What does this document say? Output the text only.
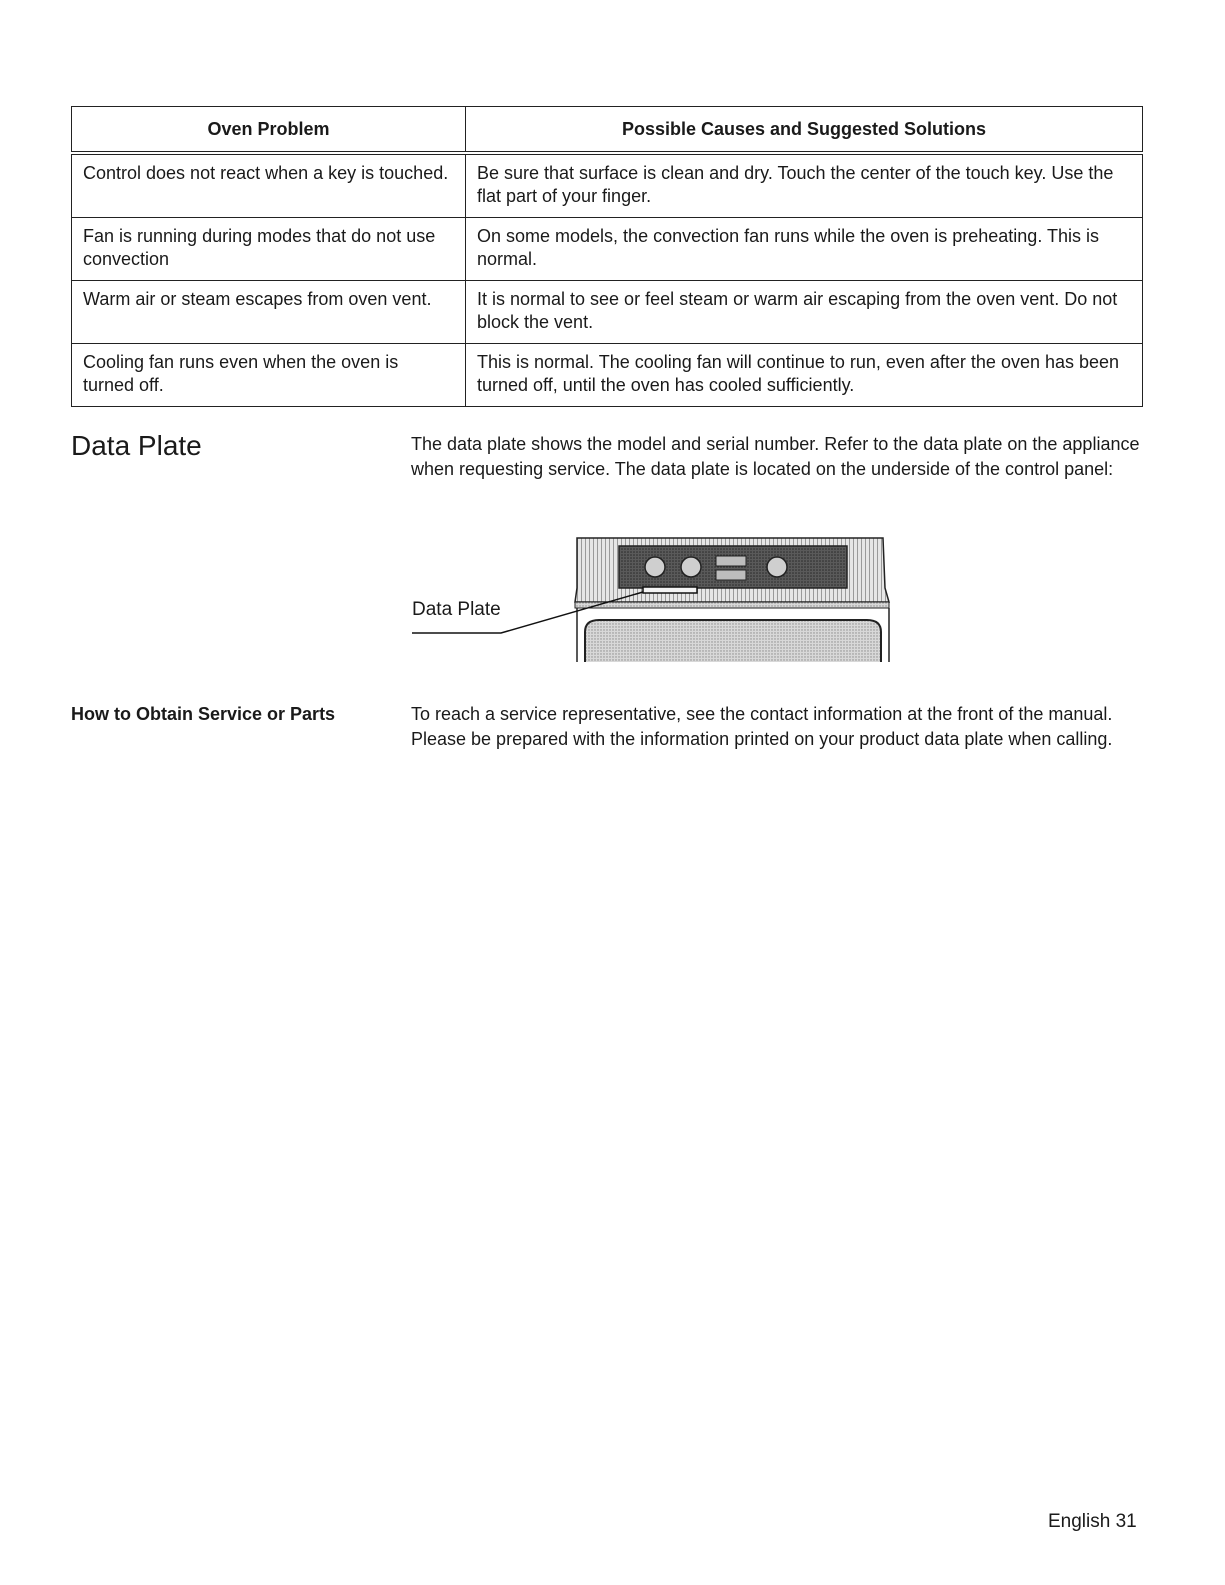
Oven Problem	Possible Causes and Suggested Solutions
Control does not react when a key is touched.	Be sure that surface is clean and dry. Touch the center of the touch key. Use the flat part of your finger.
Fan is running during modes that do not use convection	On some models, the convection fan runs while the oven is preheating. This is normal.
Warm air or steam escapes from oven vent.	It is normal to see or feel steam or warm air escaping from the oven vent. Do not block the vent.
Cooling fan runs even when the oven is turned off.	This is normal. The cooling fan will continue to run, even after the oven has been turned off, until the oven has cooled sufficiently.
Data Plate	The data plate shows the model and serial number. Refer to the data plate on the appliance when requesting service. The data plate is located on the underside of the control panel:

Data Plate
How to Obtain Service or Parts	To reach a service representative, see the contact information at the front of the manual. Please be prepared with the information printed on your product data plate when calling.

English 31
